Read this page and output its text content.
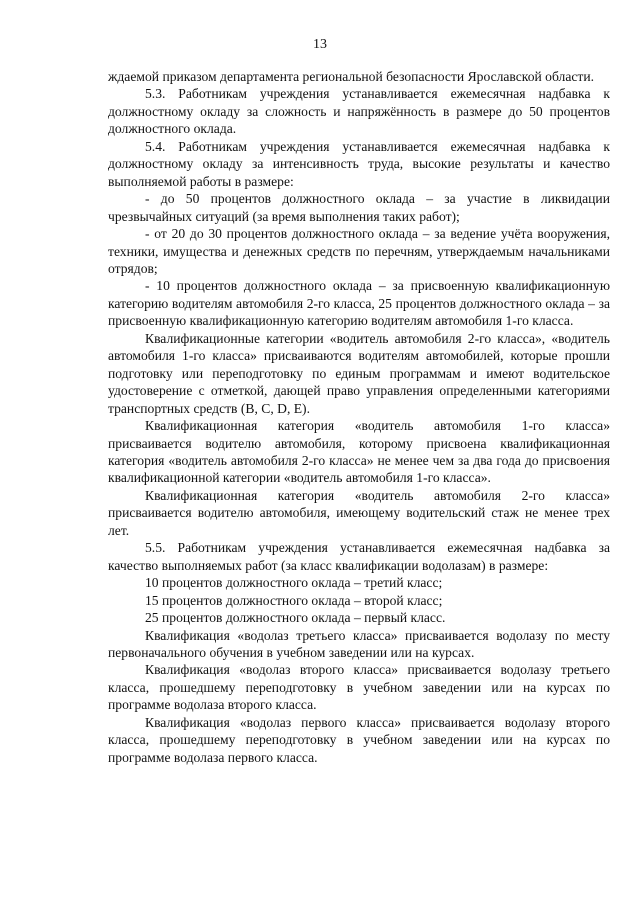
13

ждаемой приказом департамента региональной безопасности Ярославской области.

5.3. Работникам учреждения устанавливается ежемесячная надбавка к должностному окладу за сложность и напряжённость в размере до 50 процентов должностного оклада.

5.4. Работникам учреждения устанавливается ежемесячная надбавка к должностному окладу за интенсивность труда, высокие результаты и качество выполняемой работы в размере:

- до 50 процентов должностного оклада – за участие в ликвидации чрезвычайных ситуаций (за время выполнения таких работ);

- от 20 до 30 процентов должностного оклада – за ведение учёта вооружения, техники, имущества и денежных средств по перечням, утверждаемым начальниками отрядов;

- 10 процентов должностного оклада – за присвоенную квалификационную категорию водителям автомобиля 2-го класса, 25 процентов должностного оклада – за присвоенную квалификационную категорию водителям автомобиля 1-го класса.

Квалификационные категории «водитель автомобиля 2-го класса», «водитель автомобиля 1-го класса» присваиваются водителям автомобилей, которые прошли подготовку или переподготовку по единым программам и имеют водительское удостоверение с отметкой, дающей право управления определенными категориями транспортных средств (B, C, D, E).

Квалификационная категория «водитель автомобиля 1-го класса» присваивается водителю автомобиля, которому присвоена квалификационная категория «водитель автомобиля 2-го класса» не менее чем за два года до присвоения квалификационной категории «водитель автомобиля 1-го класса».

Квалификационная категория «водитель автомобиля 2-го класса» присваивается водителю автомобиля, имеющему водительский стаж не менее трех лет.

5.5. Работникам учреждения устанавливается ежемесячная надбавка за качество выполняемых работ (за класс квалификации водолазам) в размере:

10 процентов должностного оклада – третий класс;

15 процентов должностного оклада – второй класс;

25 процентов должностного оклада – первый класс.

Квалификация «водолаз третьего класса» присваивается водолазу по месту первоначального обучения в учебном заведении или на курсах.

Квалификация «водолаз второго класса» присваивается водолазу третьего класса, прошедшему переподготовку в учебном заведении или на курсах по программе водолаза второго класса.

Квалификация «водолаз первого класса» присваивается водолазу второго класса, прошедшему переподготовку в учебном заведении или на курсах по программе водолаза первого класса.
